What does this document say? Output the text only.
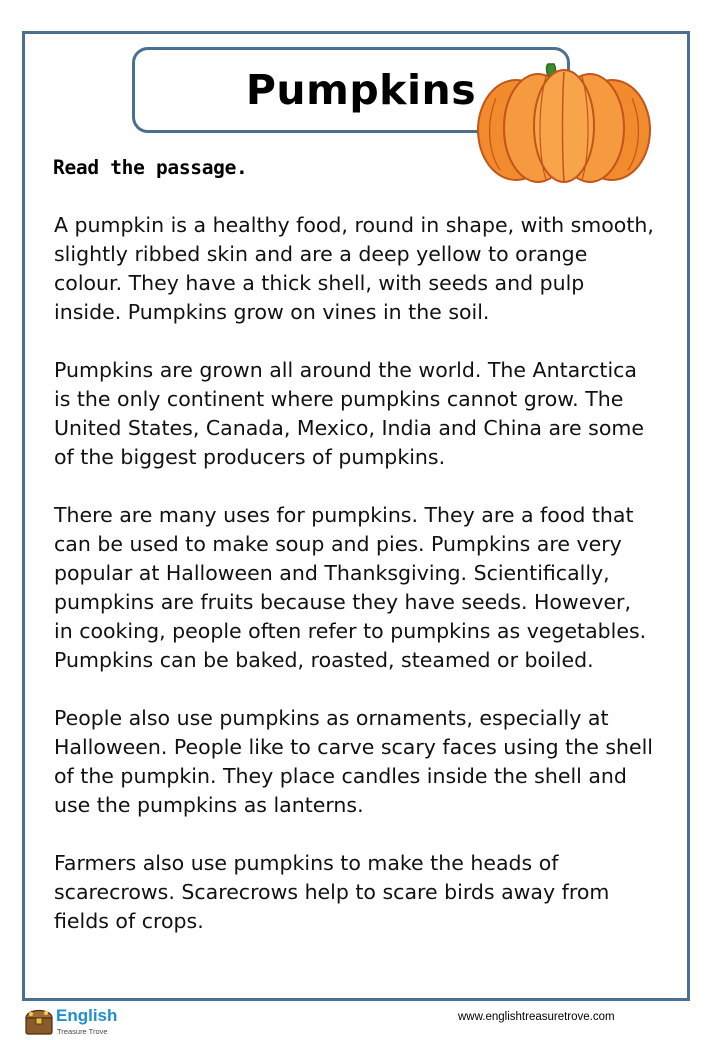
Pumpkins
Read the passage.

A pumpkin is a healthy food, round in shape, with smooth, slightly ribbed skin and are a deep yellow to orange colour. They have a thick shell, with seeds and pulp inside. Pumpkins grow on vines in the soil.

Pumpkins are grown all around the world. The Antarctica is the only continent where pumpkins cannot grow. The United States, Canada, Mexico, India and China are some of the biggest producers of pumpkins.

There are many uses for pumpkins. They are a food that can be used to make soup and pies. Pumpkins are very popular at Halloween and Thanksgiving. Scientifically, pumpkins are fruits because they have seeds. However, in cooking, people often refer to pumpkins as vegetables. Pumpkins can be baked, roasted, steamed or boiled.

People also use pumpkins as ornaments, especially at Halloween. People like to carve scary faces using the shell of the pumpkin. They place candles inside the shell and use the pumpkins as lanterns.

Farmers also use pumpkins to make the heads of scarecrows. Scarecrows help to scare birds away from fields of crops.

English
Treasure Trove
www.englishtreasuretrove.com
